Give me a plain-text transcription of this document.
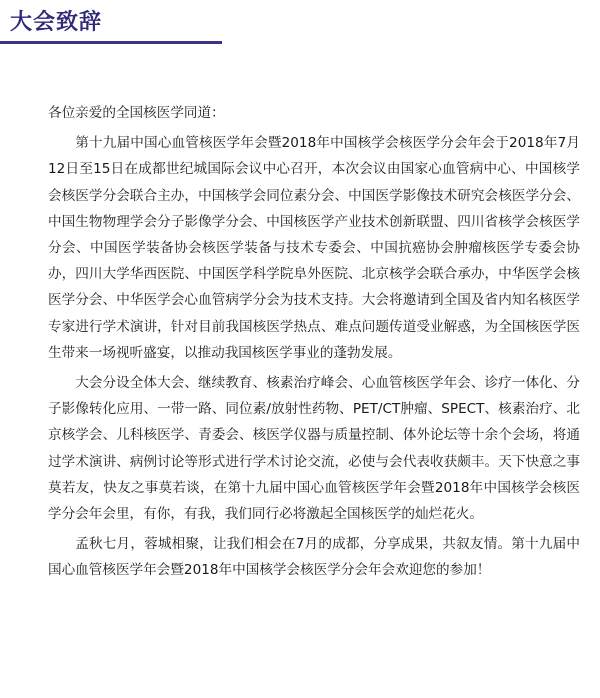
大会致辞

各位亲爱的全国核医学同道：

第十九届中国心血管核医学年会暨2018年中国核学会核医学分会年会于2018年7月12日至15日在成都世纪城国际会议中心召开，本次会议由国家心血管病中心、中国核学会核医学分会联合主办，中国核学会同位素分会、中国医学影像技术研究会核医学分会、中国生物物理学会分子影像学分会、中国核医学产业技术创新联盟、四川省核学会核医学分会、中国医学装备协会核医学装备与技术专委会、中国抗癌协会肿瘤核医学专委会协办，四川大学华西医院、中国医学科学院阜外医院、北京核学会联合承办，中华医学会核医学分会、中华医学会心血管病学分会为技术支持。大会将邀请到全国及省内知名核医学专家进行学术演讲，针对目前我国核医学热点、难点问题传道受业解惑，为全国核医学医生带来一场视听盛宴，以推动我国核医学事业的蓬勃发展。

大会分设全体大会、继续教育、核素治疗峰会、心血管核医学年会、诊疗一体化、分子影像转化应用、一带一路、同位素/放射性药物、PET/CT肿瘤、SPECT、核素治疗、北京核学会、儿科核医学、青委会、核医学仪器与质量控制、体外论坛等十余个会场，将通过学术演讲、病例讨论等形式进行学术讨论交流，必使与会代表收获颇丰。天下快意之事莫若友，快友之事莫若谈，在第十九届中国心血管核医学年会暨2018年中国核学会核医学分会年会里，有你，有我，我们同行必将激起全国核医学的灿烂花火。

孟秋七月，蓉城相聚，让我们相会在7月的成都，分享成果，共叙友情。第十九届中国心血管核医学年会暨2018年中国核学会核医学分会年会欢迎您的参加！
